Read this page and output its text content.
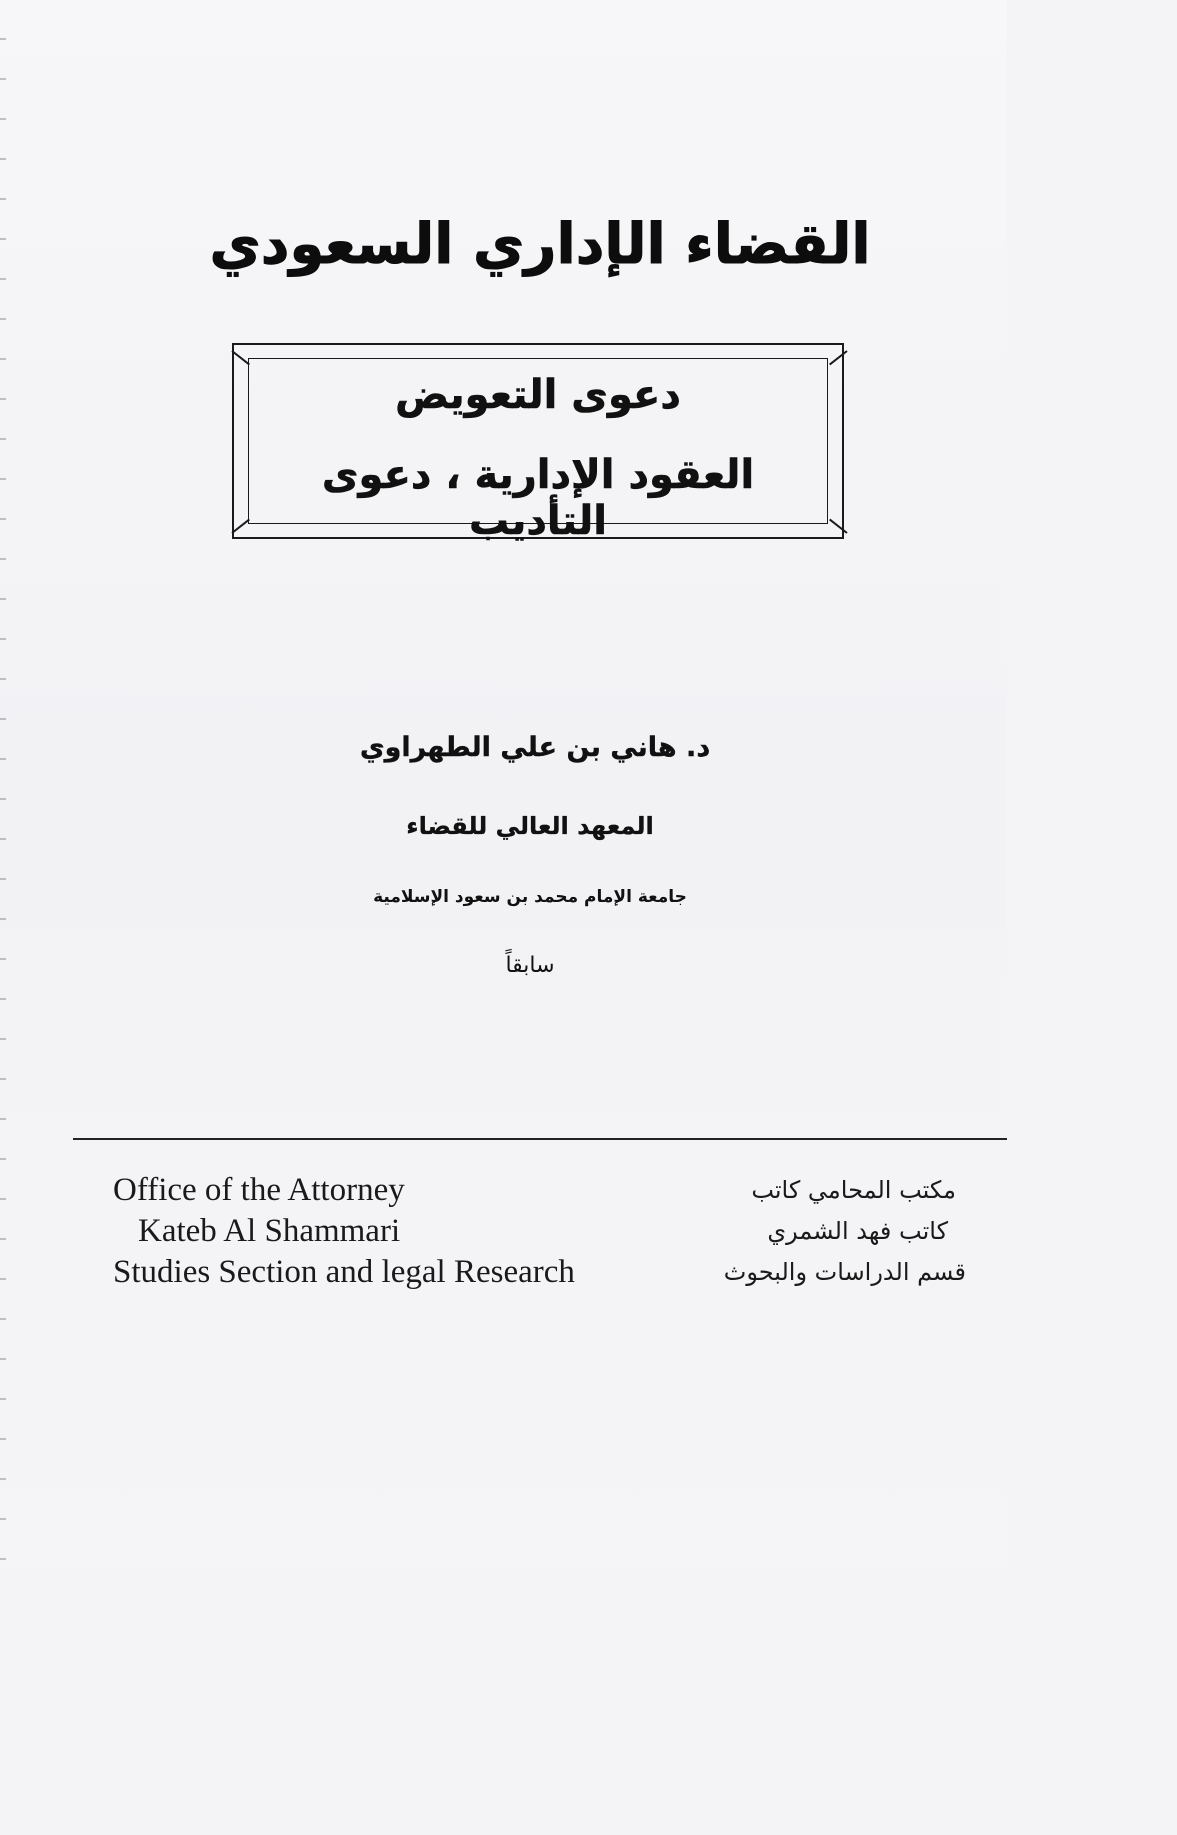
القضاء الإداري السعودي
دعوى التعويض
العقود الإدارية ، دعوى التأديب
د. هاني بن علي الطهراوي
المعهد العالي للقضاء
جامعة الإمام محمد بن سعود الإسلامية
سابقاً
Office of the Attorney
Kateb Al Shammari
Studies Section and legal Research
مكتب المحامي كاتب
كاتب فهد الشمري
قسم الدراسات والبحوث
